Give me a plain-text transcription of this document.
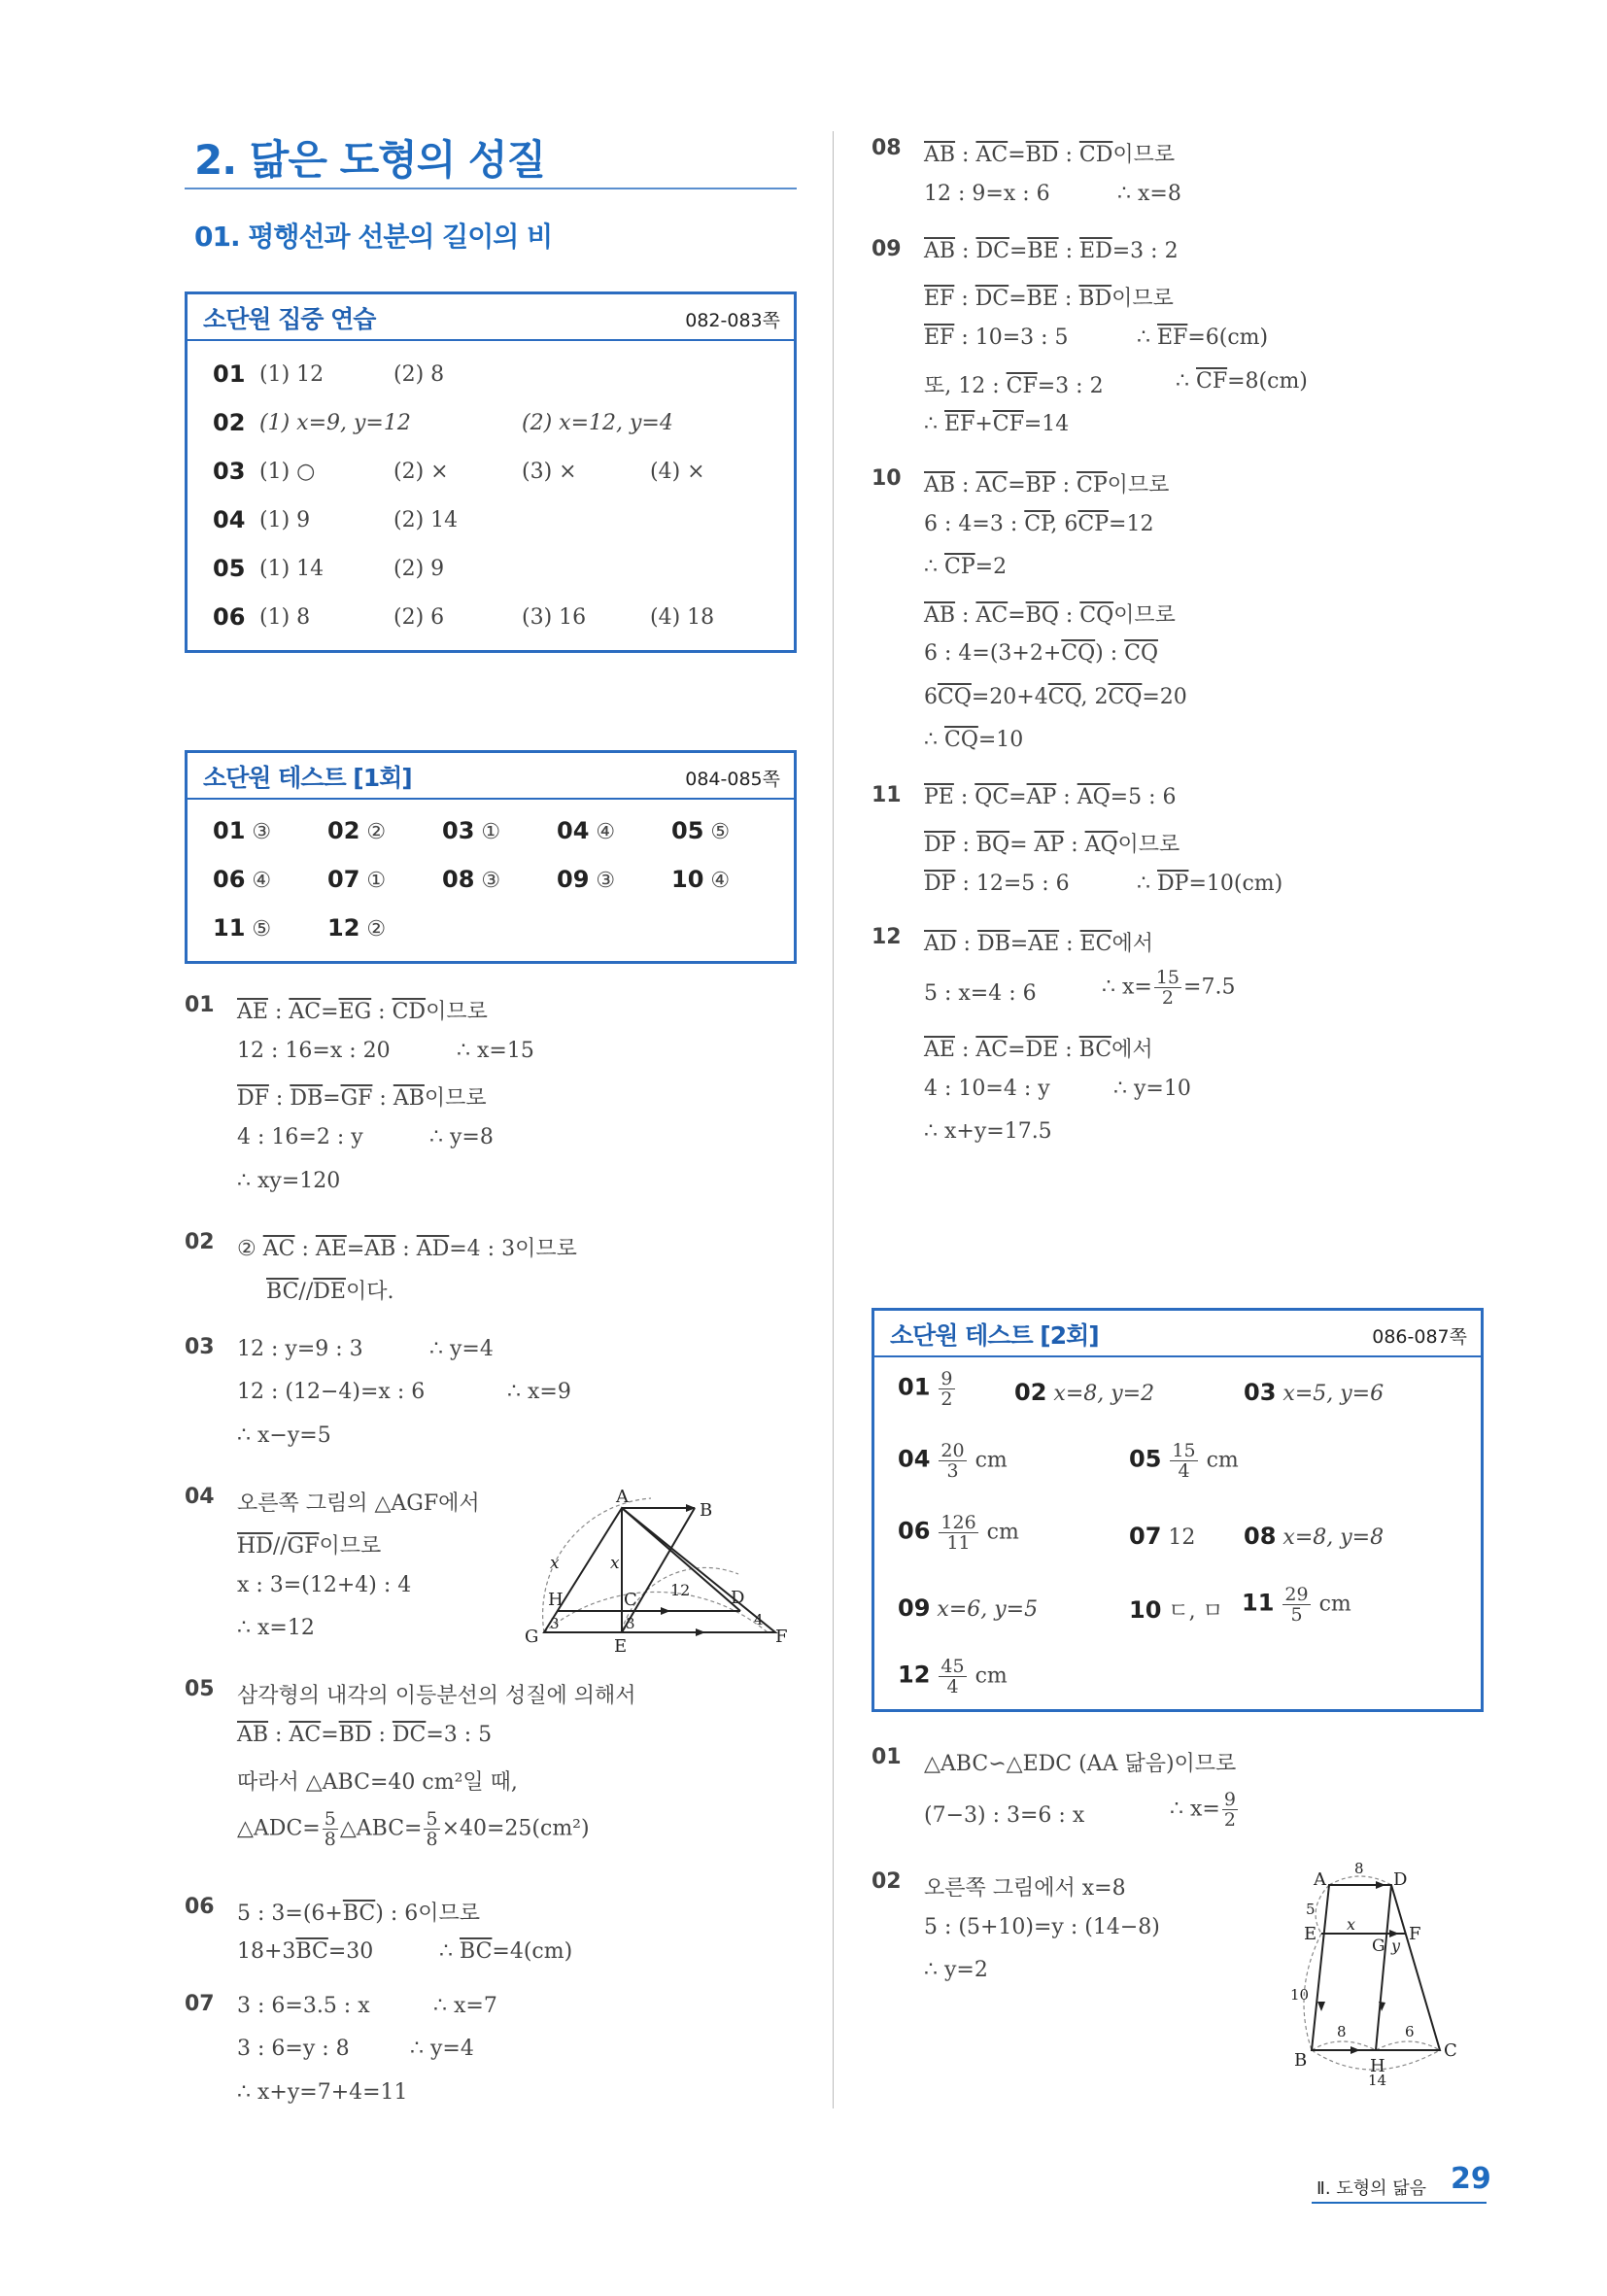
2. 닮은 도형의 성질
01. 평행선과 선분의 길이의 비
소단원 집중 연습	082-083쪽
01 (1) 12	(2) 8
02 (1) x=9, y=12	(2) x=12, y=4
03 (1) ○	(2) ×	(3) ×	(4) ×
04 (1) 9	(2) 14
05 (1) 14	(2) 9
06 (1) 8	(2) 6	(3) 16	(4) 18
소단원 테스트 [1회]	084-085쪽
01 ③ 02 ② 03 ① 04 ④ 05 ⑤
06 ④ 07 ① 08 ③ 09 ③ 10 ④
11 ⑤ 12 ②
01 $\overline{AE}$ : $\overline{AC}=\overline{EG}$ : $\overline{CD}$이므로
12 : 16=x : 20	∴ x=15
$\overline{DF}$ : $\overline{DB}=\overline{GF}$ : $\overline{AB}$이므로
4 : 16=2 : y	∴ y=8
∴ xy=120
02 ② $\overline{AC}$ : $\overline{AE}=\overline{AB}$ : $\overline{AD}=4$ : 3이므로
$\overline{BC}//\overline{DE}$이다.
03 12 : y=9 : 3	∴ y=4
12 : (12−4)=x : 6	∴ x=9
∴ x−y=5
04 오른쪽 그림의 △AGF에서
$\overline{HD}//\overline{GF}$이므로
x : 3=(12+4) : 4
∴ x=12
A
B
x	x
H	C 12 D
4
G
3	3
E	F
05 삼각형의 내각의 이등분선의 성질에 의해서
$\overline{AB}$ : $\overline{AC}=\overline{BD}$ : $\overline{DC}=3$ : 5
따라서 △ABC=40 cm²일 때,
△ADC= $\frac{5}{8}$ △ABC= $\frac{5}{8} \times 40=25(cm^2)$
06 5 : $3=(6+\overline{BC})$ : 6이므로
$18+3\overline{BC}=30$	∴ $\overline{BC}=4(cm)$
07 3 : 6=3.5 : x	∴ x=7
3 : 6=y : 8	∴ y=4
∴ x+y=7+4=11
08 $\overline{AB}$ : $\overline{AC}=\overline{BD}$ : $\overline{CD}$이므로
12 : 9=x : 6	∴ x=8
09 $\overline{AB}$ : $\overline{DC}=\overline{BE}$ : $\overline{ED}=3$ : 2
$\overline{EF}$ : $\overline{DC}=\overline{BE}$ : $\overline{BD}$이므로
$\overline{EF}$ : 10=3 : 5	∴ $\overline{EF}=6(cm)$
또, 12 : $\overline{CF}=3$ : 2	∴ $\overline{CF}=8(cm)$
∴ $\overline{EF}+\overline{CF}=14$
10 $\overline{AB}$ : $\overline{AC}=\overline{BP}$ : $\overline{CP}$이므로
6 : 4=3 : $\overline{CP}$, $6\overline{CP}=12$
∴ $\overline{CP}=2$
$\overline{AB}$ : $\overline{AC}=\overline{BQ}$ : $\overline{CQ}$이므로
6 : $4=(3+2+\overline{CQ})$ : $\overline{CQ}$
$6\overline{CQ}=20+4\overline{CQ}$, $2\overline{CQ}=20$
∴ $\overline{CQ}=10$
11 $\overline{PE}$ : $\overline{QC}=\overline{AP}$ : $\overline{AQ}=5$ : 6
$\overline{DP}$ : $\overline{BQ}= \overline{AP}$ : $\overline{AQ}$이므로
$\overline{DP}$ : 12=5 : 6	∴ $\overline{DP}=10(cm)$
12 $\overline{AD}$ : $\overline{DB}=\overline{AE}$ : $\overline{EC}$에서
5 : x=4 : 6	∴ $x= \frac{15}{2} =7.5$
$\overline{AE}$ : $\overline{AC}=\overline{DE}$ : $\overline{BC}$에서
4 : 10=4 : y	∴ y=10
∴ x+y=17.5
소단원 테스트 [2회]	086-087쪽
$01 \frac{9}{2}$	02 x=8, y=2	03 x=5, y=6
$04 \frac{20}{3}$ cm	$05 \frac{15}{4}$ cm
$06 \frac{126}{11}$ cm	07 12 08 x=8, y=8
09 x=6, y=5	10 ㄷ, ㅁ $11 \frac{29}{5}$ cm
$12 \frac{45}{4}$ cm
01 △ABC∽△EDC (AA 닮음)이므로
(7−3) : 3=6 : x	∴ $x= \frac{9}{2}$
02 오른쪽 그림에서 x=8
5 : (5+10)=y : (14−8)
∴ y=2
A
8
D
5
E x
G y
F
10
8	6
B	H
C
14
Ⅱ. 도형의 닮음 29
